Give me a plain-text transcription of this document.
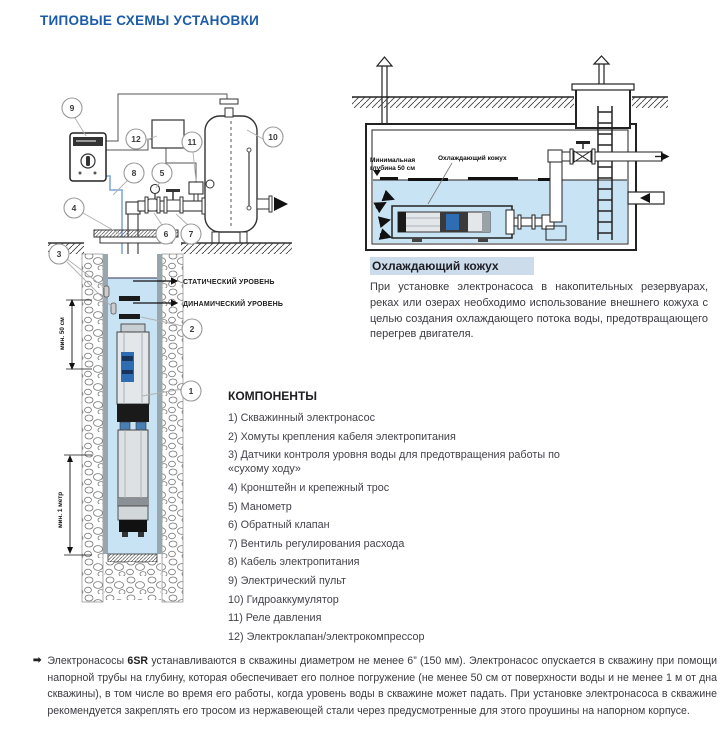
ТИПОВЫЕ СХЕМЫ УСТАНОВКИ
СТАТИЧЕСКИЙ УРОВЕНЬ
ДИНАМИЧЕСКИЙ УРОВЕНЬ
мин. 50 см
мин. 1 метр
9
12	11	10
8	5
4
6 7
3
2
1
Минимальная
глубина 50 см
Охлаждающий кожух
Охлаждающий кожух
При установке электронасоса в накопительных резервуарах, реках или озерах необходимо использование внешнего кожуха с целью создания охлаждающего потока воды, предотвращающего перегрев двигателя.
КОМПОНЕНТЫ
1) Скважинный электронасос
2) Хомуты крепления кабеля электропитания
3) Датчики контроля уровня воды для предотвращения работы по «сухому ходу»
4) Кронштейн и крепежный трос
5) Манометр
6) Обратный клапан
7) Вентиль регулирования расхода
8) Кабель электропитания
9) Электрический пульт
10) Гидроаккумулятор
11) Реле давления
12) Электроклапан/электрокомпрессор
➡ Электронасосы 6SR устанавливаются в скважины диаметром не менее 6” (150 мм). Электронасос опускается в скважину при помощи напорной трубы на глубину, которая обеспечивает его полное погружение (не менее 50 см от поверхности воды и не менее 1 м от дна скважины), в том числе во время его работы, когда уровень воды в скважине может падать. При установке электронасоса в скважине рекомендуется закреплять его тросом из нержавеющей стали через предусмотренные для этого проушины на напорном корпусе.
